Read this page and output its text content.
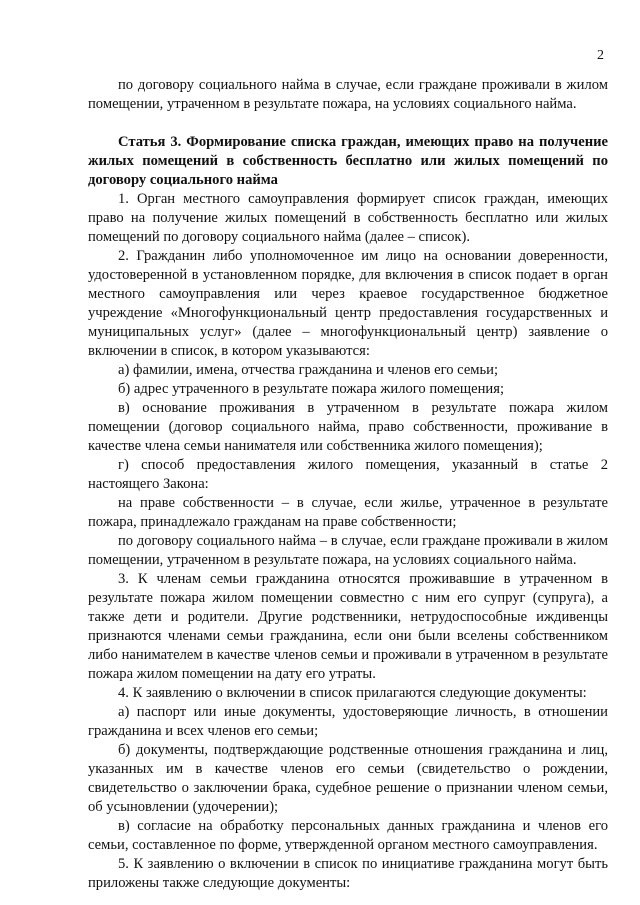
2

по договору социального найма в случае, если граждане проживали в жилом помещении, утраченном в результате пожара, на условиях социального найма.

Статья 3. Формирование списка граждан, имеющих право на получение жилых помещений в собственность бесплатно или жилых помещений по договору социального найма

1. Орган местного самоуправления формирует список граждан, имеющих право на получение жилых помещений в собственность бесплатно или жилых помещений по договору социального найма (далее – список).

2. Гражданин либо уполномоченное им лицо на основании доверенности, удостоверенной в установленном порядке, для включения в список подает в орган местного самоуправления или через краевое государственное бюджетное учреждение «Многофункциональный центр предоставления государственных и муниципальных услуг» (далее – многофункциональный центр) заявление о включении в список, в котором указываются:

а) фамилии, имена, отчества гражданина и членов его семьи;

б) адрес утраченного в результате пожара жилого помещения;

в) основание проживания в утраченном в результате пожара жилом помещении (договор социального найма, право собственности, проживание в качестве члена семьи нанимателя или собственника жилого помещения);

г) способ предоставления жилого помещения, указанный в статье 2 настоящего Закона:

на праве собственности – в случае, если жилье, утраченное в результате пожара, принадлежало гражданам на праве собственности;

по договору социального найма – в случае, если граждане проживали в жилом помещении, утраченном в результате пожара, на условиях социального найма.

3. К членам семьи гражданина относятся проживавшие в утраченном в результате пожара жилом помещении совместно с ним его супруг (супруга), а также дети и родители. Другие родственники, нетрудоспособные иждивенцы признаются членами семьи гражданина, если они были вселены собственником либо нанимателем в качестве членов семьи и проживали в утраченном в результате пожара жилом помещении на дату его утраты.

4. К заявлению о включении в список прилагаются следующие документы:

а) паспорт или иные документы, удостоверяющие личность, в отношении гражданина и всех членов его семьи;

б) документы, подтверждающие родственные отношения гражданина и лиц, указанных им в качестве членов его семьи (свидетельство о рождении, свидетельство о заключении брака, судебное решение о признании членом семьи, об усыновлении (удочерении);

в) согласие на обработку персональных данных гражданина и членов его семьи, составленное по форме, утвержденной органом местного самоуправления.

5. К заявлению о включении в список по инициативе гражданина могут быть приложены также следующие документы:
